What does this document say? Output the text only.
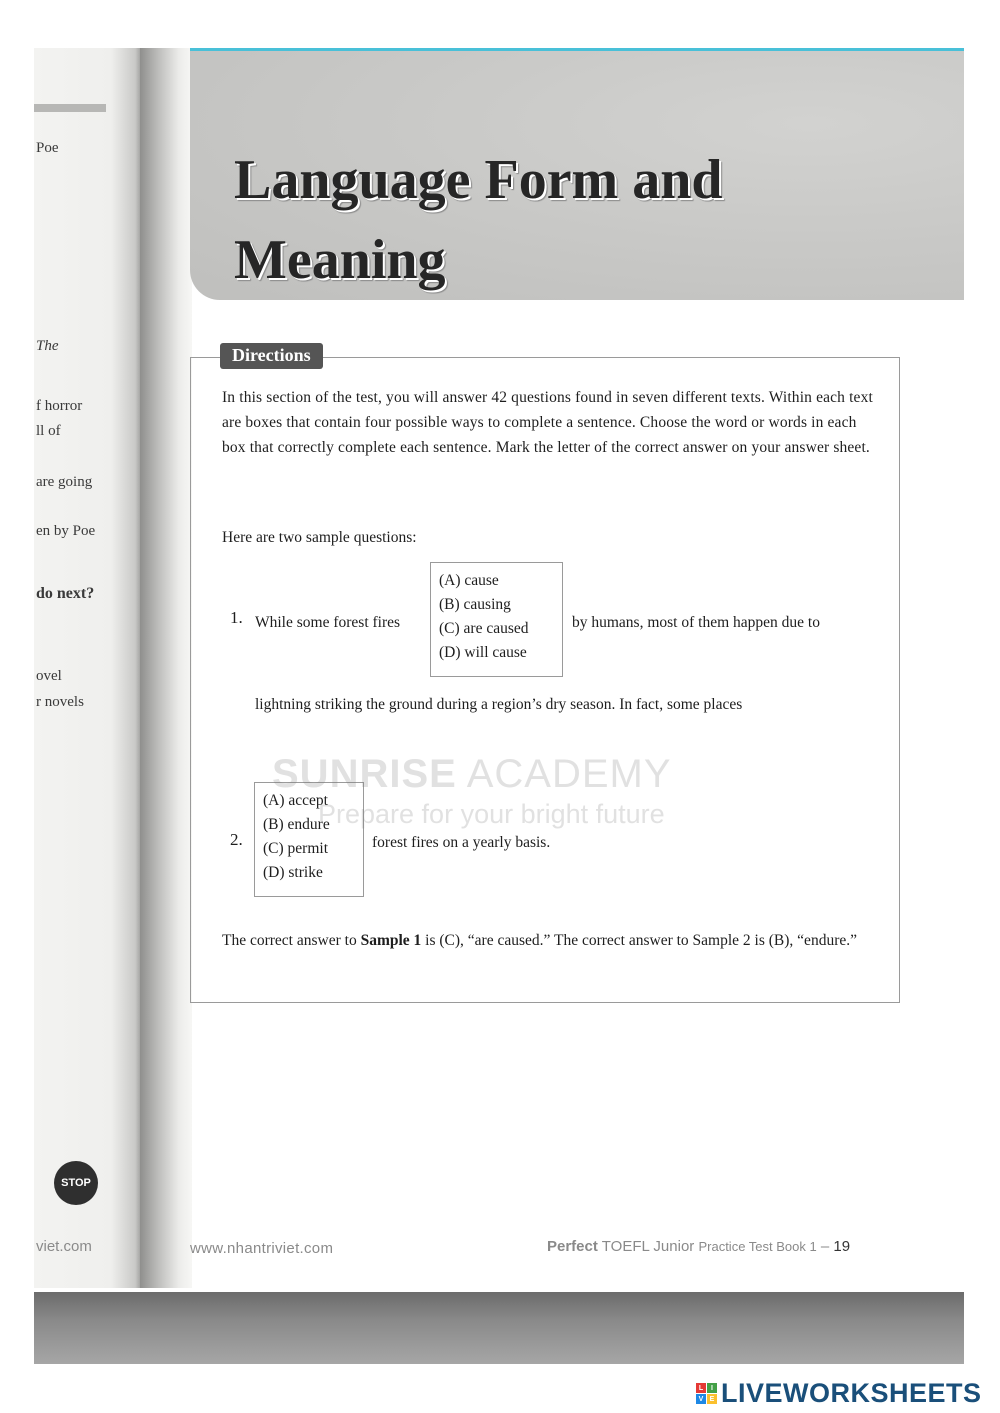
Poe
The
f horror
ll of
are going
en by Poe
do next?
ovel
r novels
viet.com
STOP
Language Form and
Meaning
Directions
In this section of the test, you will answer 42 questions found in seven different texts. Within each text are boxes that contain four possible ways to complete a sentence. Choose the word or words in each box that correctly complete each sentence. Mark the letter of the correct answer on your answer sheet.
Here are two sample questions:
1. While some forest fires
(A) cause
(B) causing
(C) are caused
(D) will cause
by humans, most of them happen due to
lightning striking the ground during a region’s dry season. In fact, some places
2.
(A) accept
(B) endure
(C) permit
(D) strike
forest fires on a yearly basis.
The correct answer to Sample 1 is (C), “are caused.” The correct answer to Sample 2 is (B), “endure.”
SUNRISE ACADEMY
Prepare for your bright future
www.nhantriviet.com	Perfect TOEFL Junior Practice Test Book 1 – 19
L	I
V E LIVEWORKSHEETS
